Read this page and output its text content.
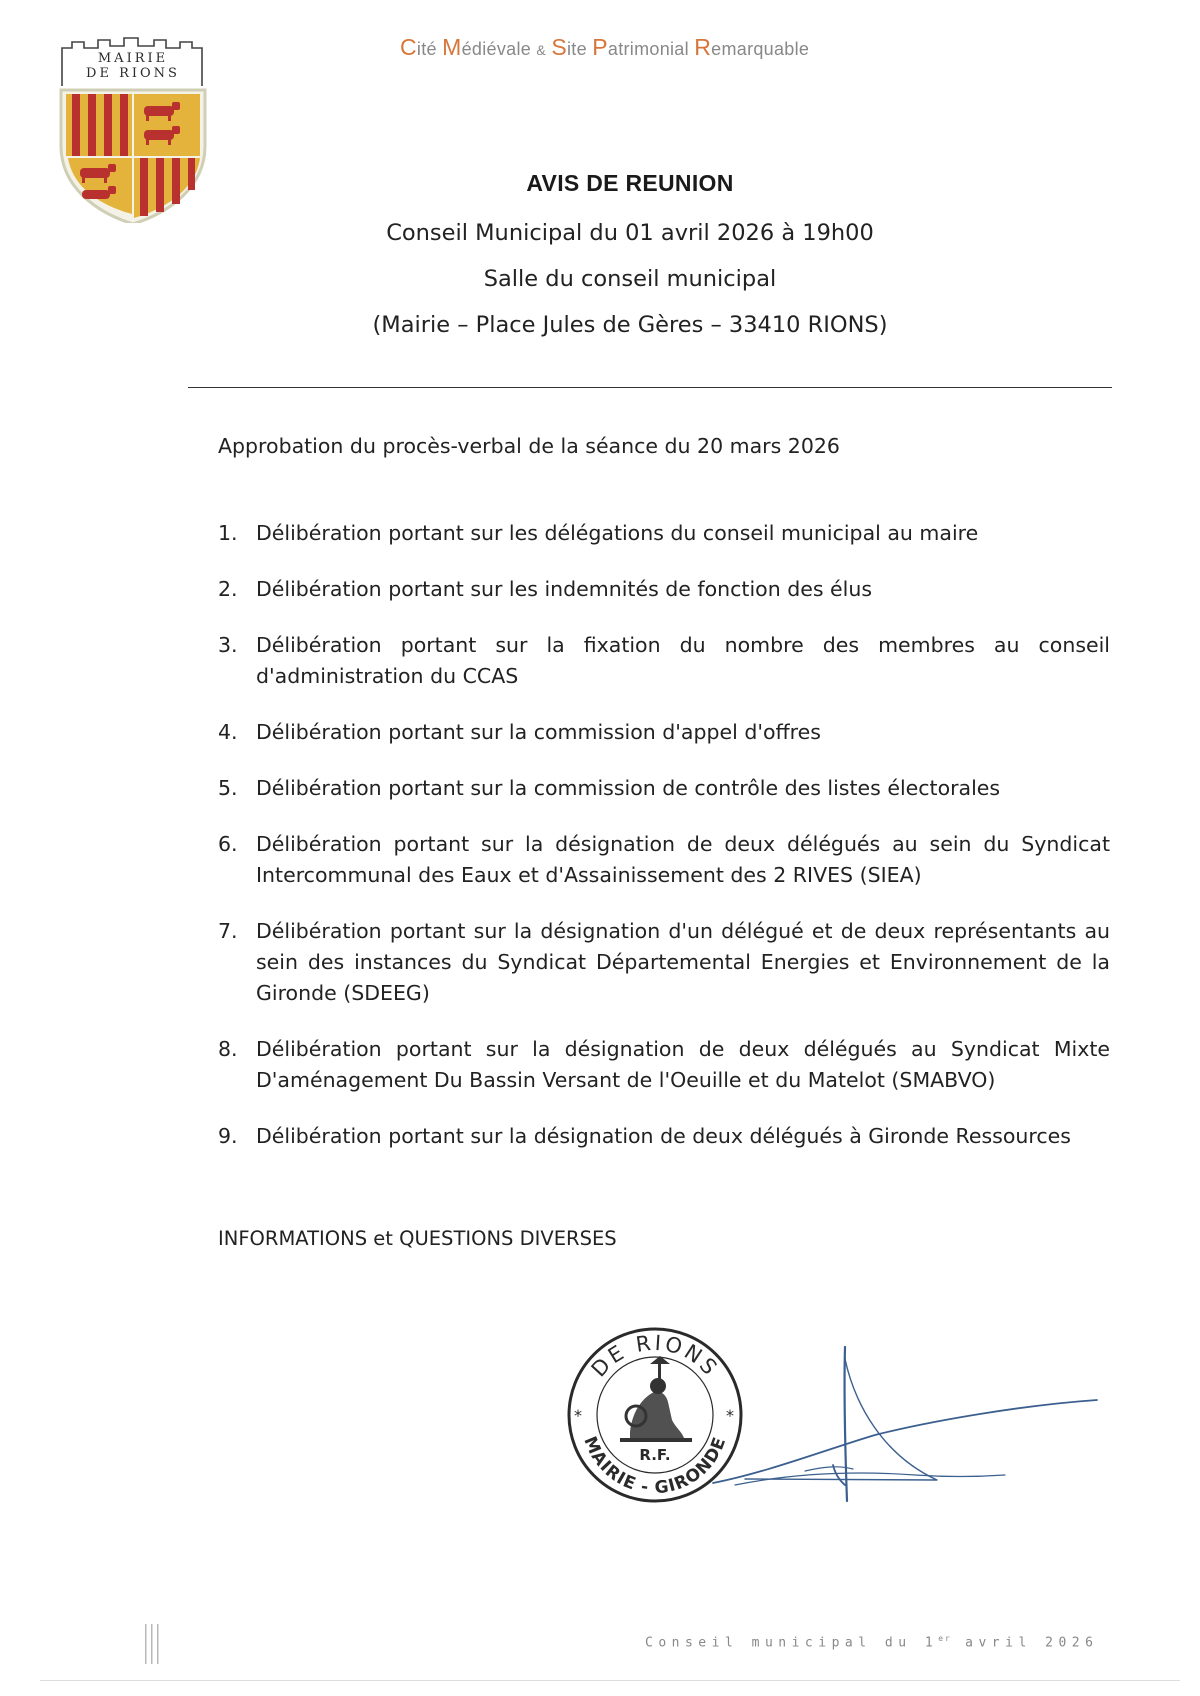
MAIRIE
DE RIONS
Cité Médiévale & Site Patrimonial Remarquable
AVIS DE REUNION
Conseil Municipal du 01 avril 2026 à 19h00
Salle du conseil municipal
(Mairie – Place Jules de Gères – 33410 RIONS)
Approbation du procès-verbal de la séance du 20 mars 2026
1. Délibération portant sur les délégations du conseil municipal au maire
2. Délibération portant sur les indemnités de fonction des élus
3. Délibération portant sur la fixation du nombre des membres au conseil d'administration du CCAS
4. Délibération portant sur la commission d'appel d'offres
5. Délibération portant sur la commission de contrôle des listes électorales
6. Délibération portant sur la désignation de deux délégués au sein du Syndicat Intercommunal des Eaux et d'Assainissement des 2 RIVES (SIEA)
7. Délibération portant sur la désignation d'un délégué et de deux représentants au sein des instances du Syndicat Départemental Energies et Environnement de la Gironde (SDEEG)
8. Délibération portant sur la désignation de deux délégués au Syndicat Mixte D'aménagement Du Bassin Versant de l'Oeuille et du Matelot (SMABVO)
9. Délibération portant sur la désignation de deux délégués à Gironde Ressources
INFORMATIONS et QUESTIONS DIVERSES
DE RIONS
MAIRIE - GIRONDE
*	*
R.F.
Conseil municipal du 1er avril 2026
